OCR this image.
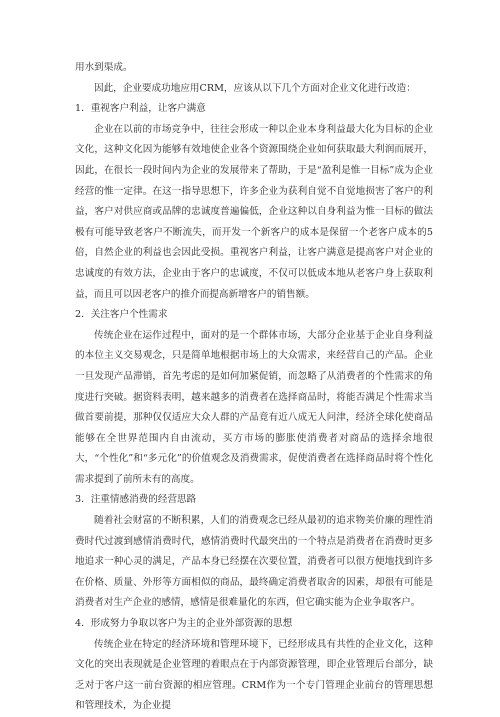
用水到渠成。

因此，企业要成功地应用CRM，应该从以下几个方面对企业文化进行改造：

1．重视客户利益，让客户满意

企业在以前的市场竞争中，往往会形成一种以企业本身利益最大化为目标的企业文化，这种文化因为能够有效地使企业各个资源围绕企业如何获取最大利润而展开，因此，在很长一段时间内为企业的发展带来了帮助，于是“盈利是惟一目标”成为企业经营的惟一定律。在这一指导思想下，许多企业为获利自觉不自觉地损害了客户的利益，客户对供应商或品牌的忠诚度普遍偏低，企业这种以自身利益为惟一目标的做法极有可能导致老客户不断流失，而开发一个新客户的成本是保留一个老客户成本的5倍，自然企业的利益也会因此受损。重视客户利益，让客户满意是提高客户对企业的忠诚度的有效方法，企业由于客户的忠诚度，不仅可以低成本地从老客户身上获取利益，而且可以因老客户的推介而提高新增客户的销售额。

2．关注客户个性需求

传统企业在运作过程中，面对的是一个群体市场，大部分企业基于企业自身利益的本位主义交易观念，只是简单地根据市场上的大众需求，来经营自己的产品。企业一旦发现产品滞销，首先考虑的是如何加紧促销，而忽略了从消费者的个性需求的角度进行突破。据资料表明，越来越多的消费者在选择商品时，将能否满足个性需求当做首要前提，那种仅仅适应大众人群的产品竟有近八成无人问津，经济全球化使商品能够在全世界范围内自由流动，买方市场的膨胀使消费者对商品的选择余地很大，“个性化”和“多元化”的价值观念及消费需求，促使消费者在选择商品时将个性化需求提到了前所未有的高度。

3．注重情感消费的经营思路

随着社会财富的不断积累，人们的消费观念已经从最初的追求物美价廉的理性消费时代过渡到感情消费时代，感情消费时代最突出的一个特点是消费者在消费时更多地追求一种心灵的满足，产品本身已经摆在次要位置，消费者可以很方便地找到许多在价格、质量、外形等方面相似的商品，最终确定消费者取舍的因素，却很有可能是消费者对生产企业的感情，感情是很难量化的东西，但它确实能为企业争取客户。

4．形成努力争取以客户为主的企业外部资源的思想

传统企业在特定的经济环境和管理环境下，已经形成具有共性的企业文化，这种文化的突出表现就是企业管理的着眼点在于内部资源管理，即企业管理后台部分，缺乏对于客户这一前台资源的相应管理。CRM作为一个专门管理企业前台的管理思想和管理技术，为企业提
